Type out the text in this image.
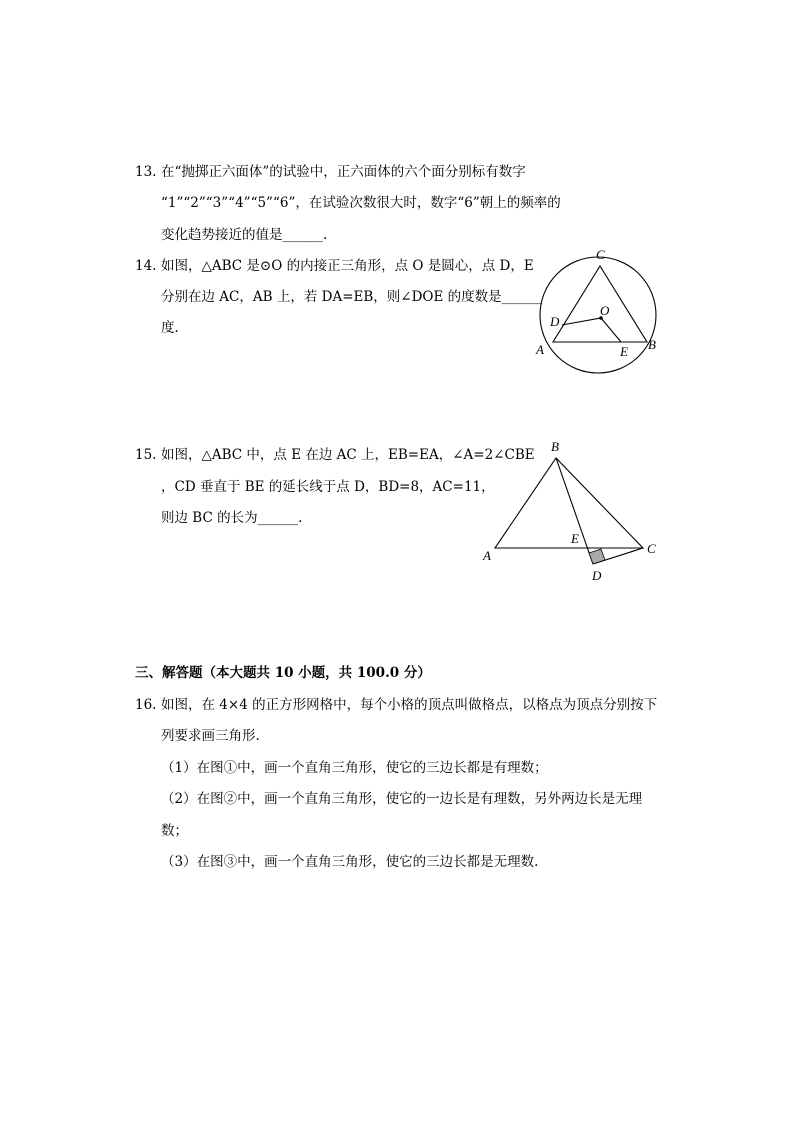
13. 在“抛掷正六面体”的试验中，正六面体的六个面分别标有数字
“1”“2”“3”“4”“5”“6”，在试验次数很大时，数字“6”朝上的频率的
变化趋势接近的值是______.
14. 如图，△ABC 是⊙O 的内接正三角形，点 O 是圆心，点 D，E
分别在边 AC，AB 上，若 DA=EB，则∠DOE 的度数是______
度.
C
O
D
A	E B
15. 如图，△ABC 中，点 E 在边 AC 上，EB=EA，∠A=2∠CBE
，CD 垂直于 BE 的延长线于点 D，BD=8，AC=11，
则边 BC 的长为______.
B
A
E
C
D
三、解答题（本大题共 10 小题，共 100.0 分）
16. 如图，在 4×4 的正方形网格中，每个小格的顶点叫做格点，以格点为顶点分别按下
列要求画三角形.
（1）在图①中，画一个直角三角形，使它的三边长都是有理数；
（2）在图②中，画一个直角三角形，使它的一边长是有理数，另外两边长是无理
数；
（3）在图③中，画一个直角三角形，使它的三边长都是无理数.
